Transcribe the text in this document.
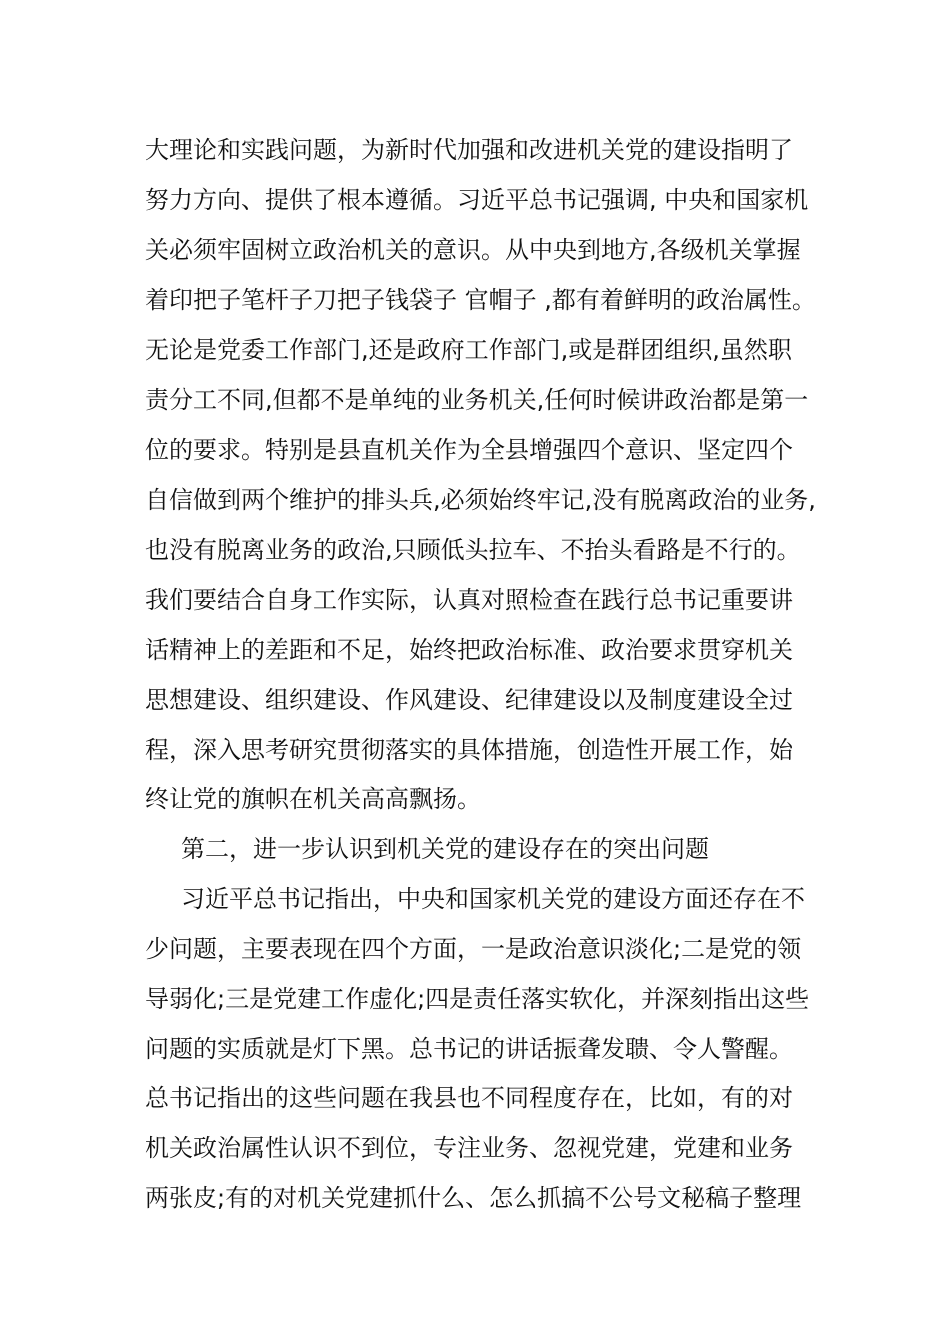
大理论和实践问题，为新时代加强和改进机关党的建设指明了
努力方向、提供了根本遵循。习近平总书记强调, 中央和国家机
关必须牢固树立政治机关的意识。从中央到地方,各级机关掌握
着印把子笔杆子刀把子钱袋子 官帽子 ,都有着鲜明的政治属性。
无论是党委工作部门,还是政府工作部门,或是群团组织,虽然职
责分工不同,但都不是单纯的业务机关,任何时候讲政治都是第一
位的要求。特别是县直机关作为全县增强四个意识、坚定四个
自信做到两个维护的排头兵,必须始终牢记,没有脱离政治的业务,
也没有脱离业务的政治,只顾低头拉车、不抬头看路是不行的。
我们要结合自身工作实际，认真对照检查在践行总书记重要讲
话精神上的差距和不足，始终把政治标准、政治要求贯穿机关
思想建设、组织建设、作风建设、纪律建设以及制度建设全过
程，深入思考研究贯彻落实的具体措施，创造性开展工作，始
终让党的旗帜在机关高高飘扬。
第二，进一步认识到机关党的建设存在的突出问题
习近平总书记指出，中央和国家机关党的建设方面还存在不
少问题，主要表现在四个方面，一是政治意识淡化;二是党的领
导弱化;三是党建工作虚化;四是责任落实软化，并深刻指出这些
问题的实质就是灯下黑。总书记的讲话振聋发聩、令人警醒。
总书记指出的这些问题在我县也不同程度存在，比如，有的对
机关政治属性认识不到位，专注业务、忽视党建，党建和业务
两张皮;有的对机关党建抓什么、怎么抓搞不公号文秘稿子整理
